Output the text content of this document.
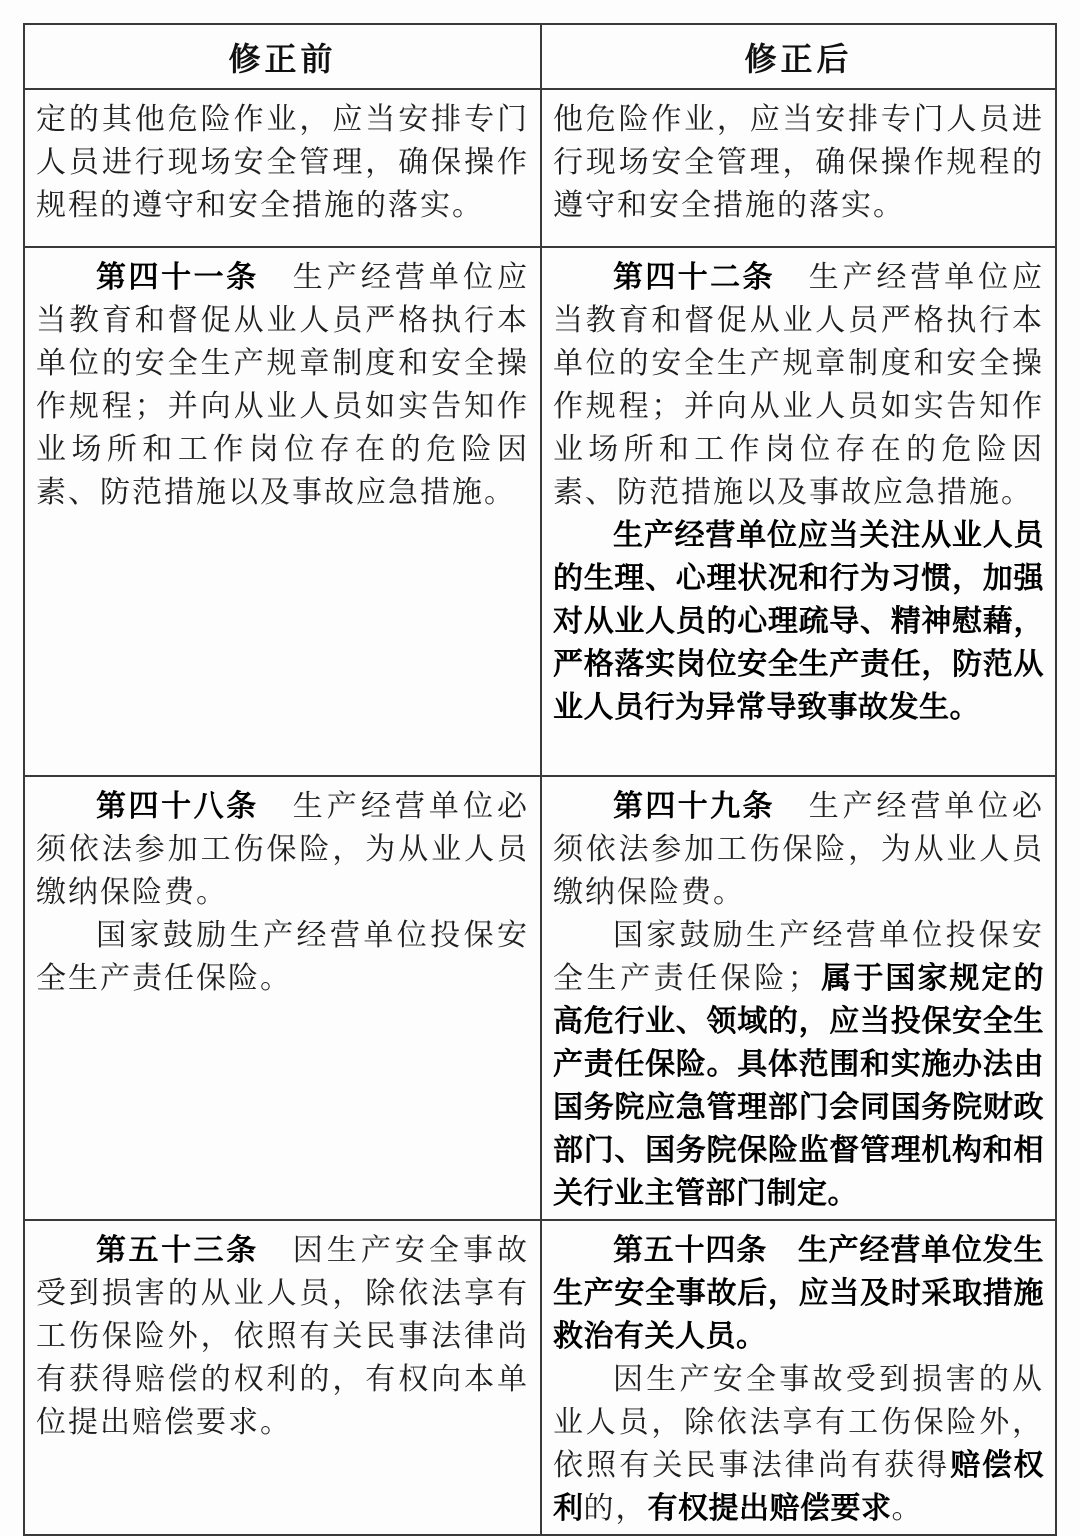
修正前	修正后

定的其他危险作业，应当安排专门人员进行现场安全管理，确保操作规程的遵守和安全措施的落实。

他危险作业，应当安排专门人员进行现场安全管理，确保操作规程的遵守和安全措施的落实。

第四十一条　生产经营单位应当教育和督促从业人员严格执行本单位的安全生产规章制度和安全操作规程；并向从业人员如实告知作业场所和工作岗位存在的危险因素、防范措施以及事故应急措施。

第四十二条　生产经营单位应当教育和督促从业人员严格执行本单位的安全生产规章制度和安全操作规程；并向从业人员如实告知作业场所和工作岗位存在的危险因素、防范措施以及事故应急措施。

生产经营单位应当关注从业人员的生理、心理状况和行为习惯，加强对从业人员的心理疏导、精神慰藉，严格落实岗位安全生产责任，防范从业人员行为异常导致事故发生。

第四十八条　生产经营单位必须依法参加工伤保险，为从业人员缴纳保险费。

国家鼓励生产经营单位投保安全生产责任保险。

第四十九条　生产经营单位必须依法参加工伤保险，为从业人员缴纳保险费。

国家鼓励生产经营单位投保安全生产责任保险；属于国家规定的高危行业、领域的，应当投保安全生产责任保险。具体范围和实施办法由国务院应急管理部门会同国务院财政部门、国务院保险监督管理机构和相关行业主管部门制定。

第五十三条　因生产安全事故受到损害的从业人员，除依法享有工伤保险外，依照有关民事法律尚有获得赔偿的权利的，有权向本单位提出赔偿要求。

第五十四条　生产经营单位发生生产安全事故后，应当及时采取措施救治有关人员。

因生产安全事故受到损害的从业人员，除依法享有工伤保险外，依照有关民事法律尚有获得赔偿权利的，有权提出赔偿要求。
